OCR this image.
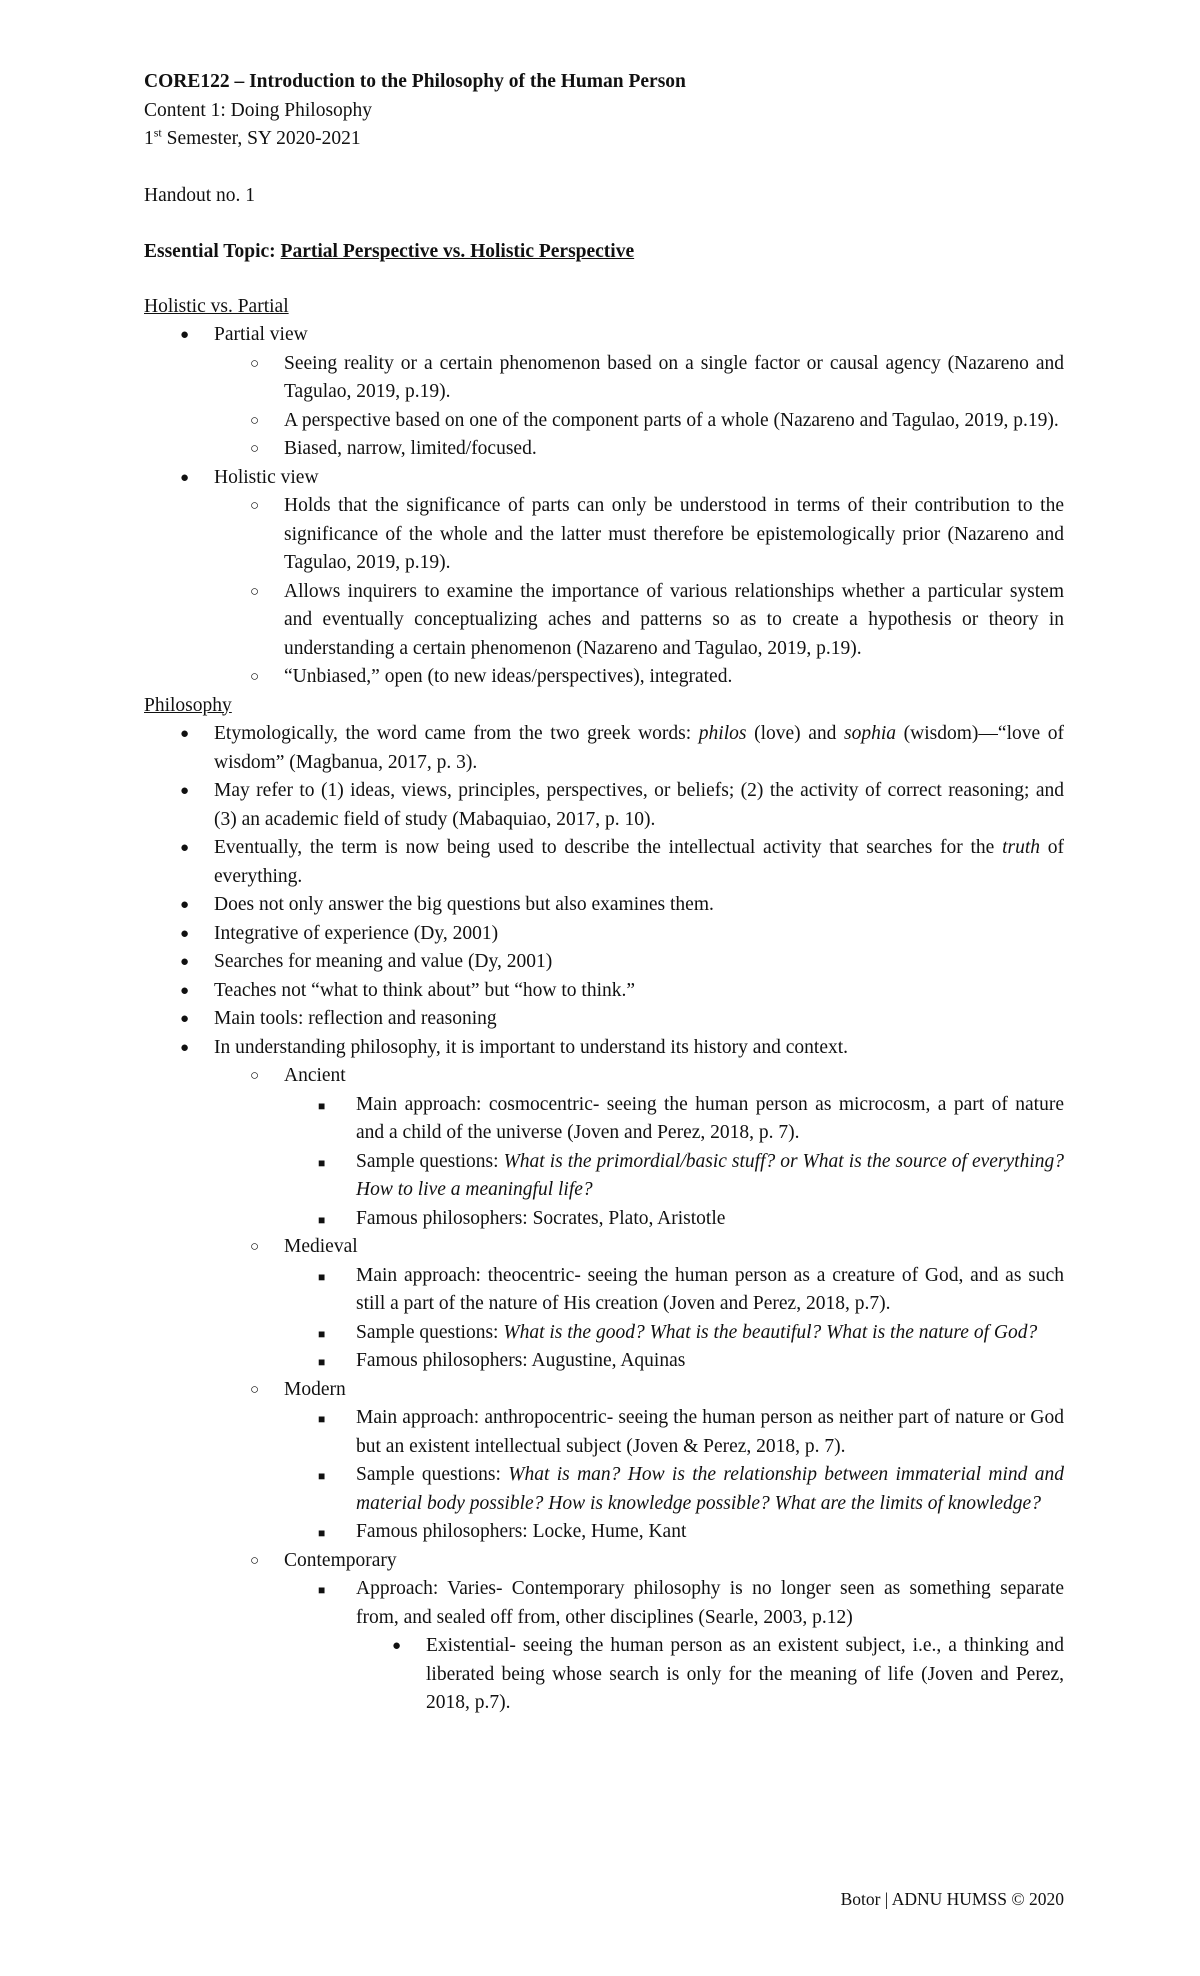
CORE122 – Introduction to the Philosophy of the Human Person
Content 1: Doing Philosophy
1st Semester, SY 2020-2021
Handout no. 1
Essential Topic: Partial Perspective vs. Holistic Perspective
Holistic vs. Partial
● Partial view
○ Seeing reality or a certain phenomenon based on a single factor or causal agency (Nazareno and Tagulao, 2019, p.19).
○ A perspective based on one of the component parts of a whole (Nazareno and Tagulao, 2019, p.19).
○ Biased, narrow, limited/focused.
● Holistic view
○ Holds that the significance of parts can only be understood in terms of their contribution to the significance of the whole and the latter must therefore be epistemologically prior (Nazareno and Tagulao, 2019, p.19).
○ Allows inquirers to examine the importance of various relationships whether a particular system and eventually conceptualizing aches and patterns so as to create a hypothesis or theory in understanding a certain phenomenon (Nazareno and Tagulao, 2019, p.19).
○ “Unbiased,” open (to new ideas/perspectives), integrated.
Philosophy
● Etymologically, the word came from the two greek words: philos (love) and sophia (wisdom)—“love of wisdom” (Magbanua, 2017, p. 3).
● May refer to (1) ideas, views, principles, perspectives, or beliefs; (2) the activity of correct reasoning; and (3) an academic field of study (Mabaquiao, 2017, p. 10).
● Eventually, the term is now being used to describe the intellectual activity that searches for the truth of everything.
● Does not only answer the big questions but also examines them.
● Integrative of experience (Dy, 2001)
● Searches for meaning and value (Dy, 2001)
● Teaches not “what to think about” but “how to think.”
● Main tools: reflection and reasoning
● In understanding philosophy, it is important to understand its history and context.
○ Ancient
■ Main approach: cosmocentric- seeing the human person as microcosm, a part of nature and a child of the universe (Joven and Perez, 2018, p. 7).
■ Sample questions: What is the primordial/basic stuff? or What is the source of everything? How to live a meaningful life?
■ Famous philosophers: Socrates, Plato, Aristotle
○ Medieval
■ Main approach: theocentric- seeing the human person as a creature of God, and as such still a part of the nature of His creation (Joven and Perez, 2018, p.7).
■ Sample questions: What is the good? What is the beautiful? What is the nature of God?
■ Famous philosophers: Augustine, Aquinas
○ Modern
■ Main approach: anthropocentric- seeing the human person as neither part of nature or God but an existent intellectual subject (Joven & Perez, 2018, p. 7).
■ Sample questions: What is man? How is the relationship between immaterial mind and material body possible? How is knowledge possible? What are the limits of knowledge?
■ Famous philosophers: Locke, Hume, Kant
○ Contemporary
■ Approach: Varies- Contemporary philosophy is no longer seen as something separate from, and sealed off from, other disciplines (Searle, 2003, p.12)
● Existential- seeing the human person as an existent subject, i.e., a thinking and liberated being whose search is only for the meaning of life (Joven and Perez, 2018, p.7).
Botor | ADNU HUMSS © 2020
